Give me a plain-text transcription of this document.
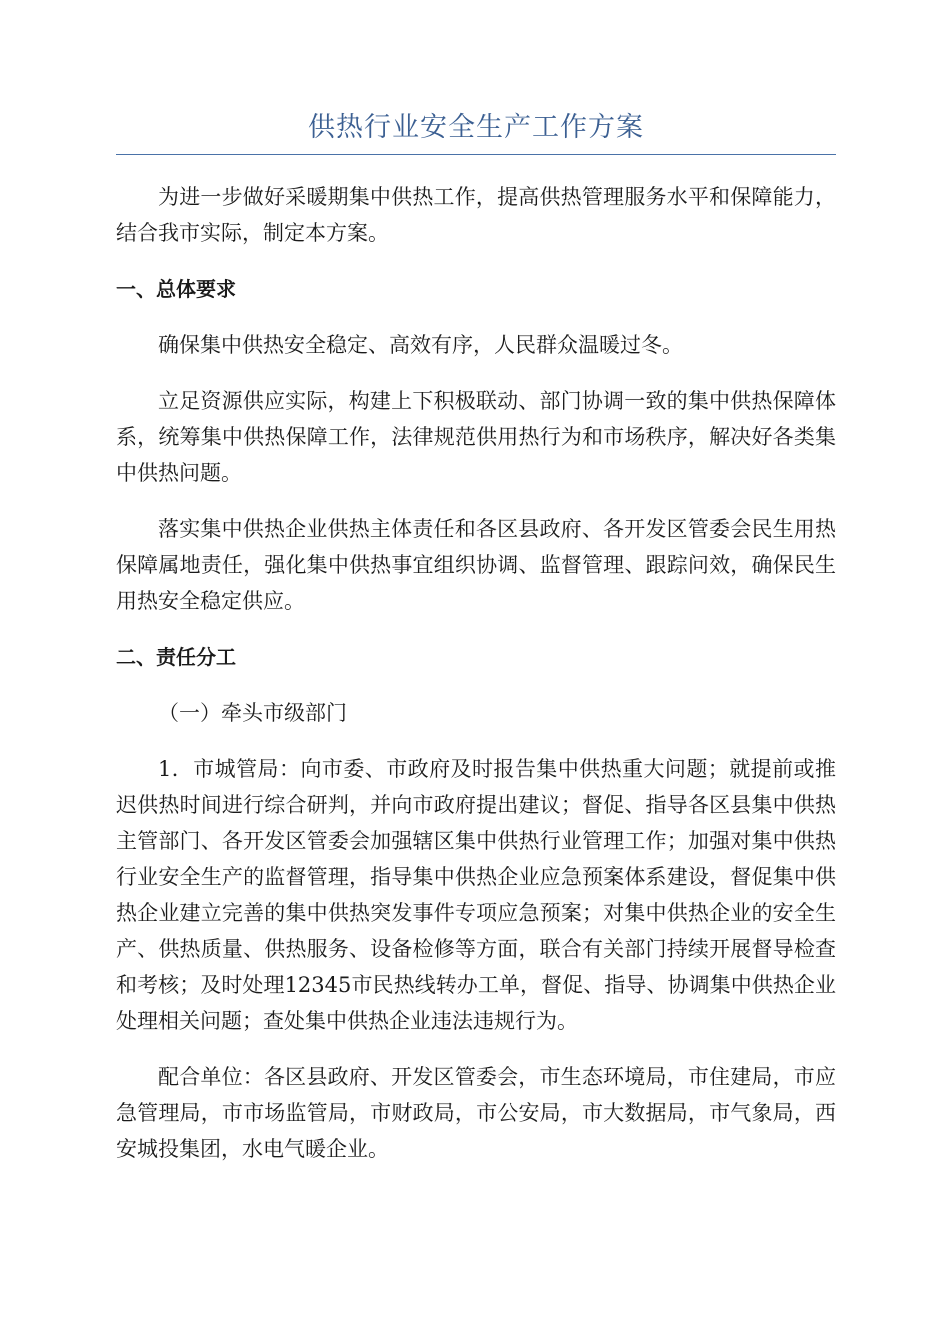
供热行业安全生产工作方案

为进一步做好采暖期集中供热工作，提高供热管理服务水平和保障能力，结合我市实际，制定本方案。

一、总体要求

确保集中供热安全稳定、高效有序，人民群众温暖过冬。

立足资源供应实际，构建上下积极联动、部门协调一致的集中供热保障体系，统筹集中供热保障工作，法律规范供用热行为和市场秩序，解决好各类集中供热问题。

落实集中供热企业供热主体责任和各区县政府、各开发区管委会民生用热保障属地责任，强化集中供热事宜组织协调、监督管理、跟踪问效，确保民生用热安全稳定供应。

二、责任分工

（一）牵头市级部门

1．市城管局：向市委、市政府及时报告集中供热重大问题；就提前或推迟供热时间进行综合研判，并向市政府提出建议；督促、指导各区县集中供热主管部门、各开发区管委会加强辖区集中供热行业管理工作；加强对集中供热行业安全生产的监督管理，指导集中供热企业应急预案体系建设，督促集中供热企业建立完善的集中供热突发事件专项应急预案；对集中供热企业的安全生产、供热质量、供热服务、设备检修等方面，联合有关部门持续开展督导检查和考核；及时处理12345市民热线转办工单，督促、指导、协调集中供热企业处理相关问题；查处集中供热企业违法违规行为。

配合单位：各区县政府、开发区管委会，市生态环境局，市住建局，市应急管理局，市市场监管局，市财政局，市公安局，市大数据局，市气象局，西安城投集团，水电气暖企业。
